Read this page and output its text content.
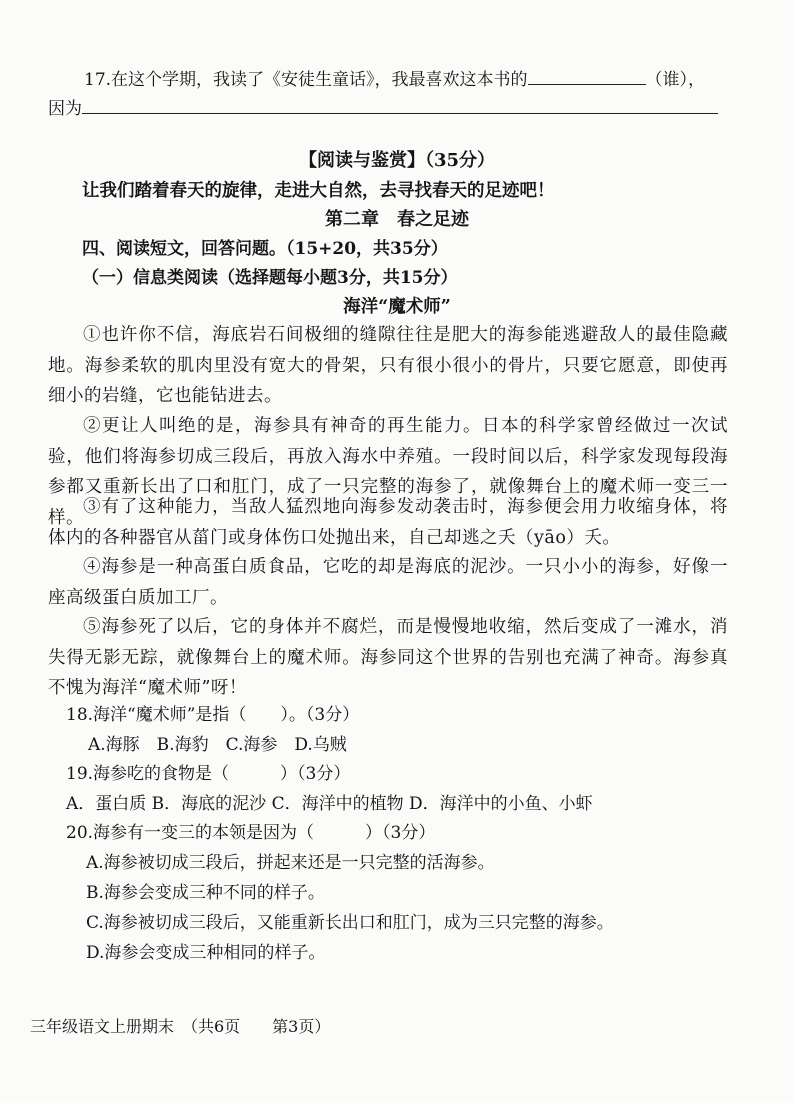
17.在这个学期，我读了《安徒生童话》，我最喜欢这本书的	（谁），
因为
【阅读与鉴赏】（35分）
让我们踏着春天的旋律，走进大自然，去寻找春天的足迹吧！
第二章　春之足迹
四、阅读短文，回答问题。（15+20，共35分）
（一）信息类阅读（选择题每小题3分，共15分）
海洋“魔术师”
①也许你不信，海底岩石间极细的缝隙往往是肥大的海参能逃避敌人的最佳隐藏地。海参柔软的肌肉里没有宽大的骨架，只有很小很小的骨片，只要它愿意，即使再细小的岩缝，它也能钻进去。
②更让人叫绝的是，海参具有神奇的再生能力。日本的科学家曾经做过一次试验，他们将海参切成三段后，再放入海水中养殖。一段时间以后，科学家发现每段海参都又重新长出了口和肛门，成了一只完整的海参了，就像舞台上的魔术师一变三一样。
③有了这种能力，当敌人猛烈地向海参发动袭击时，海参便会用力收缩身体，将体内的各种器官从菑门或身体伤口处抛出来，自己却逃之夭（yāo）夭。
④海参是一种高蛋白质食品，它吃的却是海底的泥沙。一只小小的海参，好像一座高级蛋白质加工厂。
⑤海参死了以后，它的身体并不腐烂，而是慢慢地收缩，然后变成了一滩水，消失得无影无踪，就像舞台上的魔术师。海参同这个世界的告别也充满了神奇。海参真不愧为海洋“魔术师”呀！
18.海洋“魔术师”是指（　　）。（3分）
A.海豚　B.海豹　C.海参　D.乌贼
19.海参吃的食物是（　　　）（3分）
A．蛋白质 B．海底的泥沙 C．海洋中的植物 D．海洋中的小鱼、小虾
20.海参有一变三的本领是因为（　　　）（3分）
A.海参被切成三段后，拼起来还是一只完整的活海参。
B.海参会变成三种不同的样子。
C.海参被切成三段后，又能重新长出口和肛门，成为三只完整的海参。
D.海参会变成三种相同的样子。
三年级语文上册期末　（共6页　　第3页）
